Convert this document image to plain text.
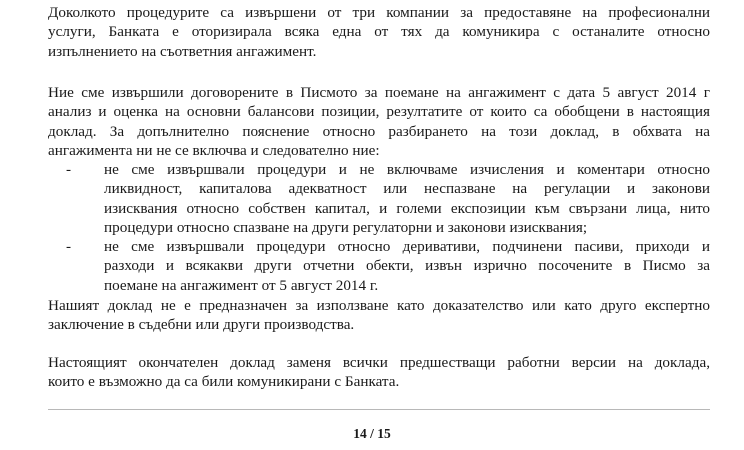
Доколкото процедурите са извършени от три компании за предоставяне на професионални
услуги, Банката е оторизирала всяка една от тях да комуникира с останалите относно
изпълнението на съответния ангажимент.

Ние сме извършили договорените в Писмото за поемане на ангажимент с дата 5 август 2014 г
анализ и оценка на основни балансови позиции, резултатите от които са обобщени в настоящия
доклад. За допълнително пояснение относно разбирането на този доклад, в обхвата на
ангажимента ни не се включва и следователно ние:

- не сме извършвали процедури и не включваме изчисления и коментари относно
ликвидност, капиталова адекватност или неспазване на регулации и законови
изисквания относно собствен капитал, и големи експозиции към свързани лица, нито
процедури относно спазване на други регулаторни и законови изисквания;
- не сме извършвали процедури относно деривативи, подчинени пасиви, приходи и
разходи и всякакви други отчетни обекти, извън изрично посочените в Писмо за
поемане на ангажимент от 5 август 2014 г.

Нашият доклад не е предназначен за използване като доказателство или като друго експертно
заключение в съдебни или други производства.

Настоящият окончателен доклад заменя всички предшестващи работни версии на доклада,
които е възможно да са били комуникирани с Банката.

14 / 15
